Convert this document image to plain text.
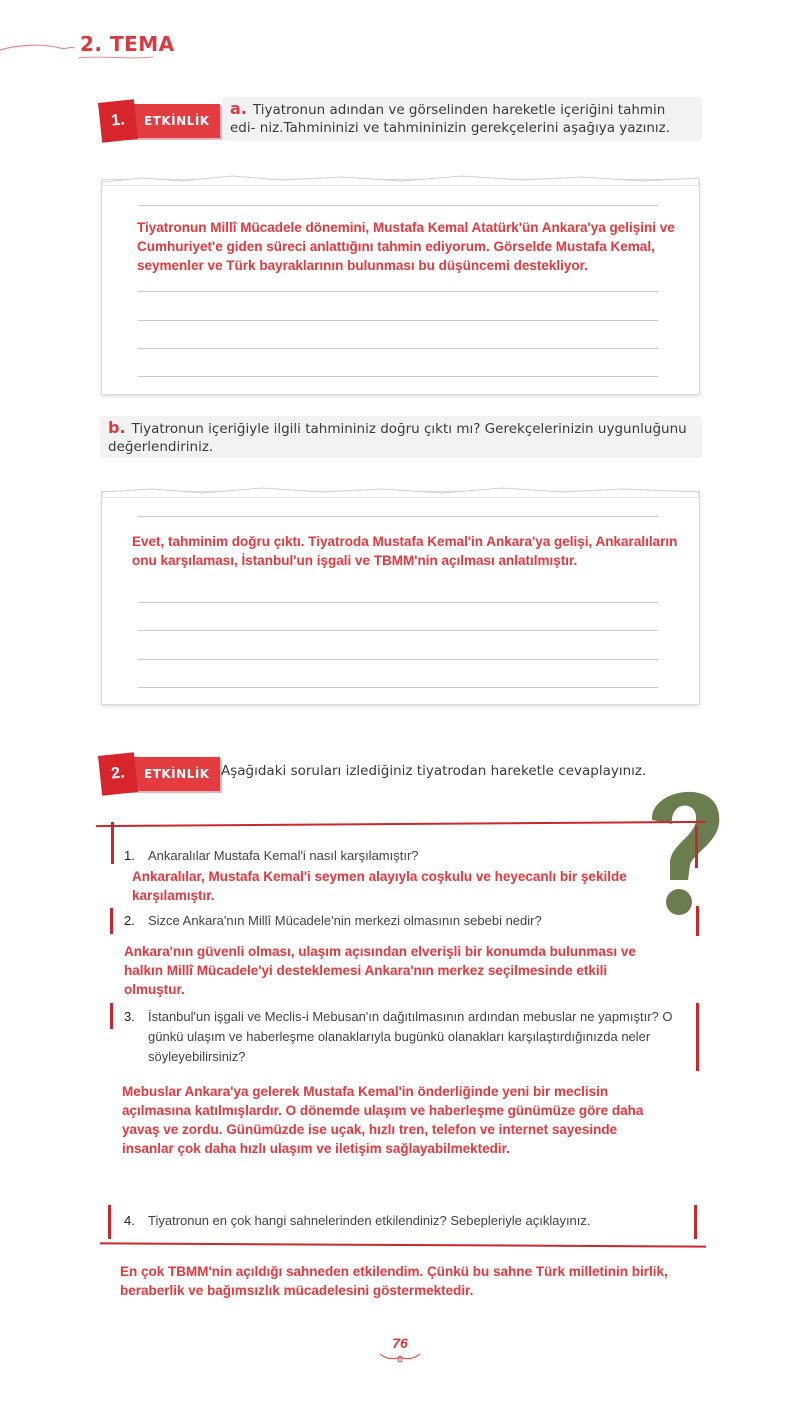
2. TEMA
1.	ETKİNLİK
a. Tiyatronun adından ve görselinden hareketle içeriğini tahmin edi- niz.Tahmininizi ve tahmininizin gerekçelerini aşağıya yazınız.
Tiyatronun Millî Mücadele dönemini, Mustafa Kemal Atatürk'ün Ankara'ya gelişini ve Cumhuriyet'e giden süreci anlattığını tahmin ediyorum. Görselde Mustafa Kemal, seymenler ve Türk bayraklarının bulunması bu düşüncemi destekliyor.
b. Tiyatronun içeriğiyle ilgili tahmininiz doğru çıktı mı? Gerekçelerinizin uygunluğunu değerlendiriniz.
Evet, tahminim doğru çıktı. Tiyatroda Mustafa Kemal'in Ankara'ya gelişi, Ankaralıların onu karşılaması, İstanbul'un işgali ve TBMM'nin açılması anlatılmıştır.
2.	ETKİNLİK Aşağıdaki soruları izlediğiniz tiyatrodan hareketle cevaplayınız.
1. Ankaralılar Mustafa Kemal'i nasıl karşılamıştır?
Ankaralılar, Mustafa Kemal'i seymen alayıyla coşkulu ve heyecanlı bir şekilde karşılamıştır.
2. Sizce Ankara'nın Millî Mücadele'nin merkezi olmasının sebebi nedir?
Ankara'nın güvenli olması, ulaşım açısından elverişli bir konumda bulunması ve halkın Millî Mücadele'yi desteklemesi Ankara'nın merkez seçilmesinde etkili olmuştur.
3. İstanbul'un işgali ve Meclis-i Mebusan'ın dağıtılmasının ardından mebuslar ne yapmıştır? O günkü ulaşım ve haberleşme olanaklarıyla bugünkü olanakları karşılaştırdığınızda neler söyleyebilirsiniz?
Mebuslar Ankara'ya gelerek Mustafa Kemal'in önderliğinde yeni bir meclisin açılmasına katılmışlardır. O dönemde ulaşım ve haberleşme günümüze göre daha yavaş ve zordu. Günümüzde ise uçak, hızlı tren, telefon ve internet sayesinde insanlar çok daha hızlı ulaşım ve iletişim sağlayabilmektedir.
4. Tiyatronun en çok hangi sahnelerinden etkilendiniz? Sebepleriyle açıklayınız.
En çok TBMM'nin açıldığı sahneden etkilendim. Çünkü bu sahne Türk milletinin birlik, beraberlik ve bağımsızlık mücadelesini göstermektedir.
76
